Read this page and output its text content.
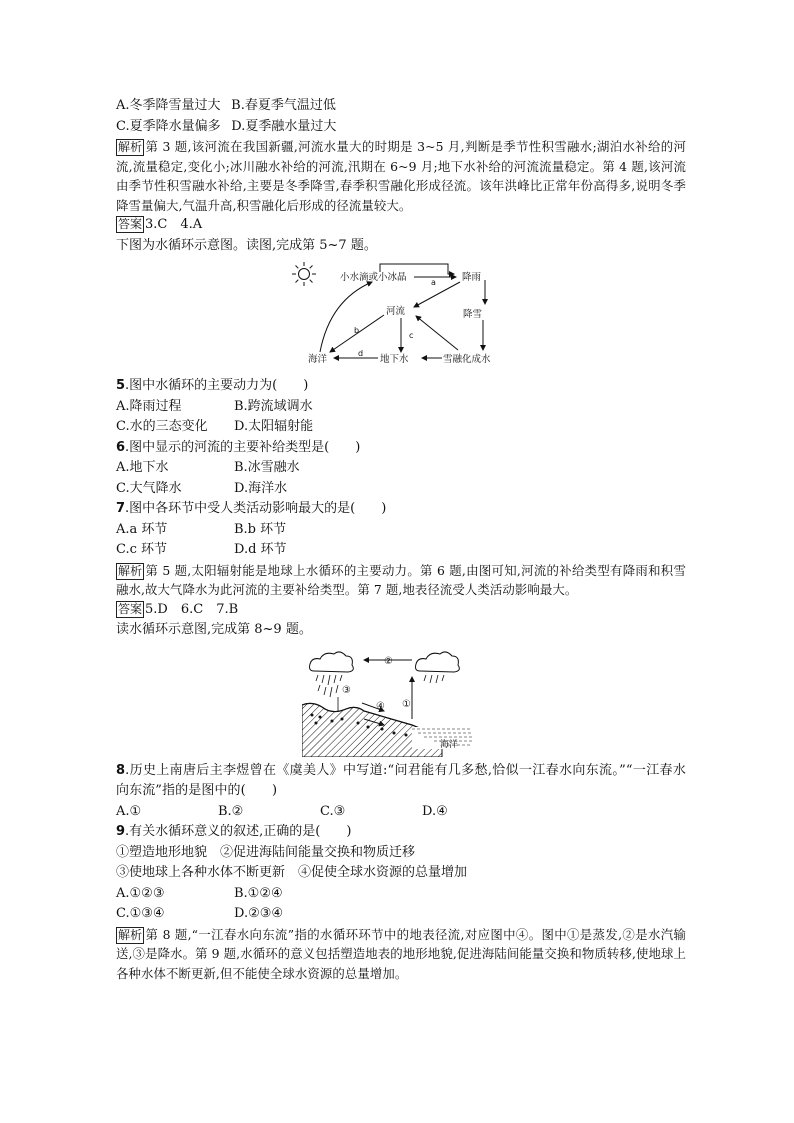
A.冬季降雪量过大  B.春夏季气温过低
C.夏季降水量偏多  D.夏季融水量过大
解析 第 3 题,该河流在我国新疆,河流水量大的时期是 3~5 月,判断是季节性积雪融水;湖泊水补给的河流,流量稳定,变化小;冰川融水补给的河流,汛期在 6~9 月;地下水补给的河流流量稳定。第 4 题,该河流由季节性积雪融水补给,主要是冬季降雪,春季积雪融化形成径流。该年洪峰比正常年份高得多,说明冬季降雪量偏大,气温升高,积雪融化后形成的径流量较大。
答案 3.C 4.A
下图为水循环示意图。读图,完成第 5~7 题。
小水滴或小冰晶	降雨
降雪
河流
海洋	地下水	雪融化成水
a
b
c
d
5.图中水循环的主要动力为(  )
A.降雨过程	B.跨流域调水
C.水的三态变化	D.太阳辐射能
6.图中显示的河流的主要补给类型是(  )
A.地下水	B.冰雪融水
C.大气降水	D.海洋水
7.图中各环节中受人类活动影响最大的是(  )
A.a 环节	B.b 环节
C.c 环节	D.d 环节
解析 第 5 题,太阳辐射能是地球上水循环的主要动力。第 6 题,由图可知,河流的补给类型有降雨和积雪融水,故大气降水为此河流的主要补给类型。第 7 题,地表径流受人类活动影响最大。
答案 5.D 6.C 7.B
读水循环示意图,完成第 8~9 题。
②
①
③
④
海洋
8.历史上南唐后主李煜曾在《虞美人》中写道:“问君能有几多愁,恰似一江春水向东流。”“一江春水向东流”指的是图中的(  )
A.①	B.②	C.③	D.④
9.有关水循环意义的叙述,正确的是(  )
①塑造地形地貌 ②促进海陆间能量交换和物质迁移
③使地球上各种水体不断更新 ④促使全球水资源的总量增加
A.①②③	B.①②④
C.①③④	D.②③④
解析 第 8 题,“一江春水向东流”指的水循环环节中的地表径流,对应图中④。图中①是蒸发,②是水汽输送,③是降水。第 9 题,水循环的意义包括塑造地表的地形地貌,促进海陆间能量交换和物质转移,使地球上各种水体不断更新,但不能使全球水资源的总量增加。
